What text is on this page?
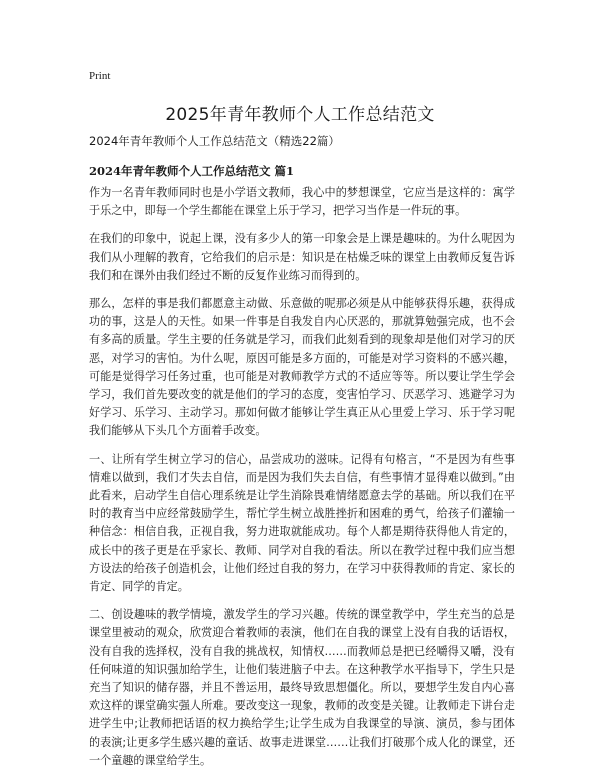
Print
2025年青年教师个人工作总结范文

2024年青年教师个人工作总结范文（精选22篇）

2024年青年教师个人工作总结范文 篇1

作为一名青年教师同时也是小学语文教师，我心中的梦想课堂，它应当是这样的：寓学于乐之中，即每一个学生都能在课堂上乐于学习，把学习当作是一件玩的事。

在我们的印象中，说起上课，没有多少人的第一印象会是上课是趣味的。为什么呢因为我们从小理解的教育，它给我们的启示是：知识是在枯燥乏味的课堂上由教师反复告诉我们和在课外由我们经过不断的反复作业练习而得到的。

那么，怎样的事是我们都愿意主动做、乐意做的呢那必须是从中能够获得乐趣，获得成功的事，这是人的天性。如果一件事是自我发自内心厌恶的，那就算勉强完成，也不会有多高的质量。学生主要的任务就是学习，而我们此刻看到的现象却是他们对学习的厌恶，对学习的害怕。为什么呢，原因可能是多方面的，可能是对学习资料的不感兴趣，可能是觉得学习任务过重，也可能是对教师教学方式的不适应等等。所以要让学生学会学习，我们首先要改变的就是他们的学习的态度，变害怕学习、厌恶学习、逃避学习为好学习、乐学习、主动学习。那如何做才能够让学生真正从心里爱上学习、乐于学习呢我们能够从下头几个方面着手改变。

一、让所有学生树立学习的信心，品尝成功的滋味。记得有句格言，“不是因为有些事情难以做到，我们才失去自信，而是因为我们失去自信，有些事情才显得难以做到。”由此看来，启动学生自信心理系统是让学生消除畏难情绪愿意去学的基础。所以我们在平时的教育当中应经常鼓励学生，帮忙学生树立战胜挫折和困难的勇气，给孩子们灌输一种信念：相信自我，正视自我，努力进取就能成功。每个人都是期待获得他人肯定的，成长中的孩子更是在乎家长、教师、同学对自我的看法。所以在教学过程中我们应当想方设法的给孩子创造机会，让他们经过自我的努力，在学习中获得教师的肯定、家长的肯定、同学的肯定。

二、创设趣味的教学情境，激发学生的学习兴趣。传统的课堂教学中，学生充当的总是课堂里被动的观众，欣赏迎合着教师的表演，他们在自我的课堂上没有自我的话语权，没有自我的选择权，没有自我的挑战权，知情权……而教师总是把已经嚼得又嚼，没有任何味道的知识强加给学生，让他们装进脑子中去。在这种教学水平指导下，学生只是充当了知识的储存器，并且不善运用，最终导致思想僵化。所以，要想学生发自内心喜欢这样的课堂确实强人所难。要改变这一现象，教师的改变是关键。让教师走下讲台走进学生中;让教师把话语的权力换给学生;让学生成为自我课堂的导演、演员，参与团体的表演;让更多学生感兴趣的童话、故事走进课堂……让我们打破那个成人化的课堂，还一个童趣的课堂给学生。
